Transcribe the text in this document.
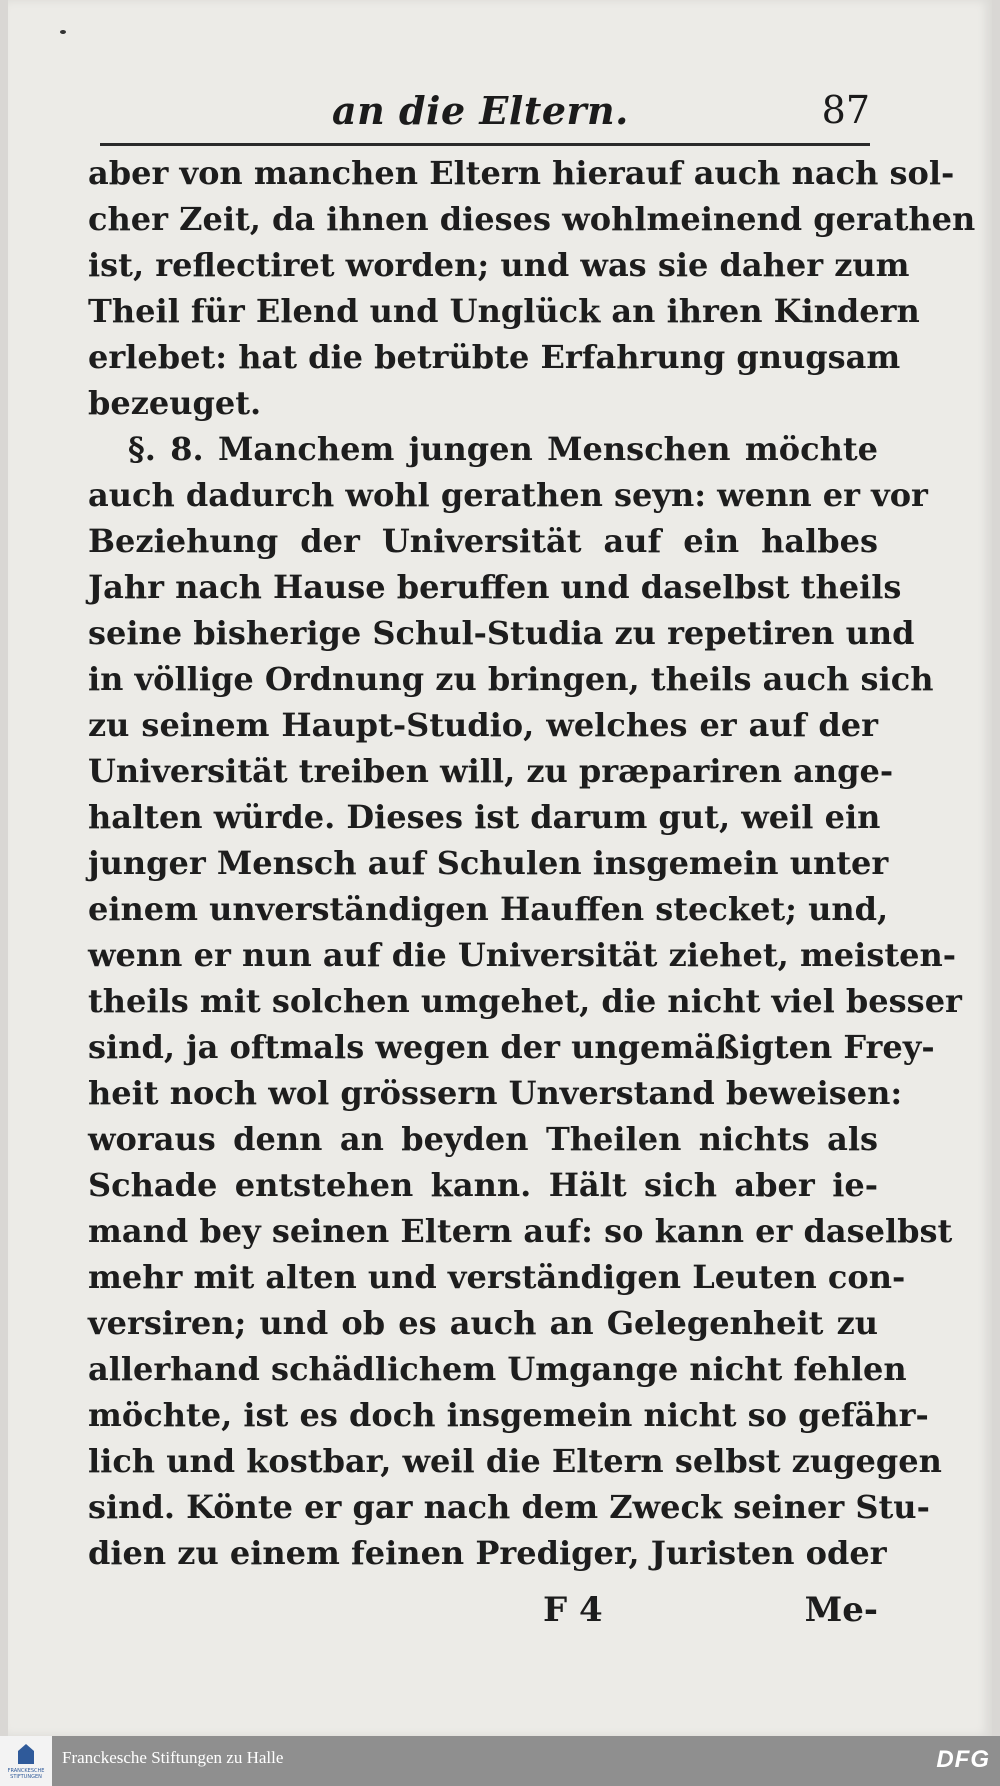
an die Eltern.	87
aber von manchen Eltern hierauf auch nach sol-
cher Zeit, da ihnen dieses wohlmeinend gerathen
ist, reflectiret worden; und was sie daher zum
Theil für Elend und Unglück an ihren Kindern
erlebet: hat die betrübte Erfahrung gnugsam
bezeuget.
§. 8. Manchem jungen Menschen möchte
auch dadurch wohl gerathen seyn: wenn er vor
Beziehung der Universität auf ein halbes
Jahr nach Hause beruffen und daselbst theils
seine bisherige Schul-Studia zu repetiren und
in völlige Ordnung zu bringen, theils auch sich
zu seinem Haupt-Studio, welches er auf der
Universität treiben will, zu præpariren ange-
halten würde. Dieses ist darum gut, weil ein
junger Mensch auf Schulen insgemein unter
einem unverständigen Hauffen stecket; und,
wenn er nun auf die Universität ziehet, meisten-
theils mit solchen umgehet, die nicht viel besser
sind, ja oftmals wegen der ungemäßigten Frey-
heit noch wol grössern Unverstand beweisen:
woraus denn an beyden Theilen nichts als
Schade entstehen kann. Hält sich aber ie-
mand bey seinen Eltern auf: so kann er daselbst
mehr mit alten und verständigen Leuten con-
versiren; und ob es auch an Gelegenheit zu
allerhand schädlichem Umgange nicht fehlen
möchte, ist es doch insgemein nicht so gefähr-
lich und kostbar, weil die Eltern selbst zugegen
sind. Könte er gar nach dem Zweck seiner Stu-
dien zu einem feinen Prediger, Juristen oder
F 4	Me-
FRANCKESCHE STIFTUNGEN
Franckesche Stiftungen zu Halle	DFG
